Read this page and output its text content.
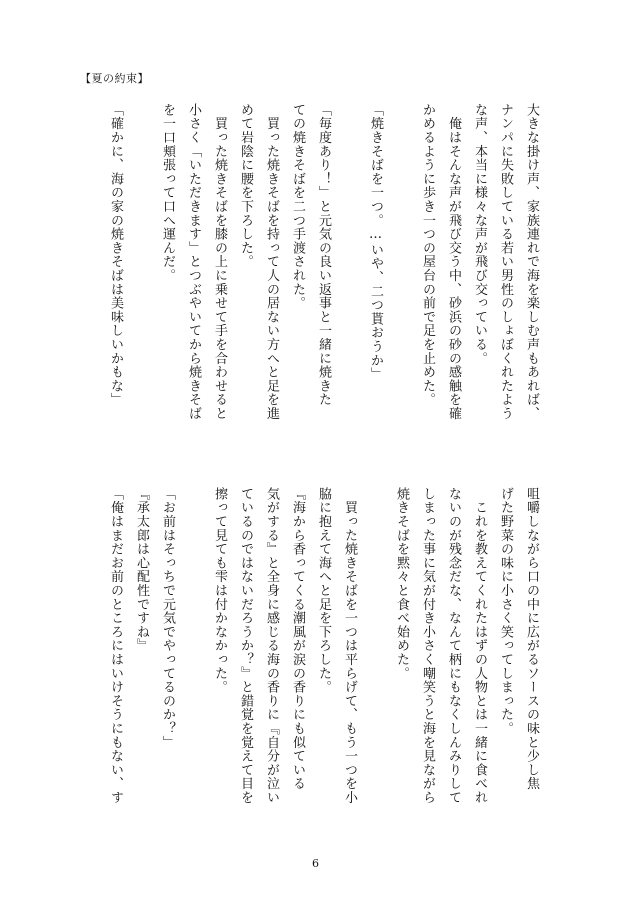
【夏の約束】
大きな掛け声、家族連れで海を楽しむ声もあれば、
ナンパに失敗している若い男性のしょぼくれたよう
な声、本当に様々な声が飛び交っている。
　俺はそんな声が飛び交う中、砂浜の砂の感触を確
かめるように歩き一つの屋台の前で足を止めた。
「焼きそばを一つ。…いや、二つ貰おうか」
「毎度あり！」と元気の良い返事と一緒に焼きた
ての焼きそばを二つ手渡された。
　買った焼きそばを持って人の居ない方へと足を進
めて岩陰に腰を下ろした。
　買った焼きそばを膝の上に乗せて手を合わせると
小さく「いただきます」とつぶやいてから焼きそば
を一口頬張って口へ運んだ。
「確かに、海の家の焼きそばは美味しいかもな」
咀嚼しながら口の中に広がるソースの味と少し焦
げた野菜の味に小さく笑ってしまった。
　これを教えてくれたはずの人物とは一緒に食べれ
ないのが残念だな、なんて柄にもなくしんみりして
しまった事に気が付き小さく嘲笑うと海を見ながら
焼きそばを黙々と食べ始めた。
　買った焼きそばを一つは平らげて、もう一つを小
脇に抱えて海へと足を下ろした。
『海から香ってくる潮風が涙の香りにも似ている
気がする』と全身に感じる海の香りに『自分が泣い
ているのではないだろうか？』と錯覚を覚えて目を
擦って見ても雫は付かなかった。
「お前はそっちで元気でやってるのか？」
『承太郎は心配性ですね』
「俺はまだお前のところにはいけそうにもない、す
6
